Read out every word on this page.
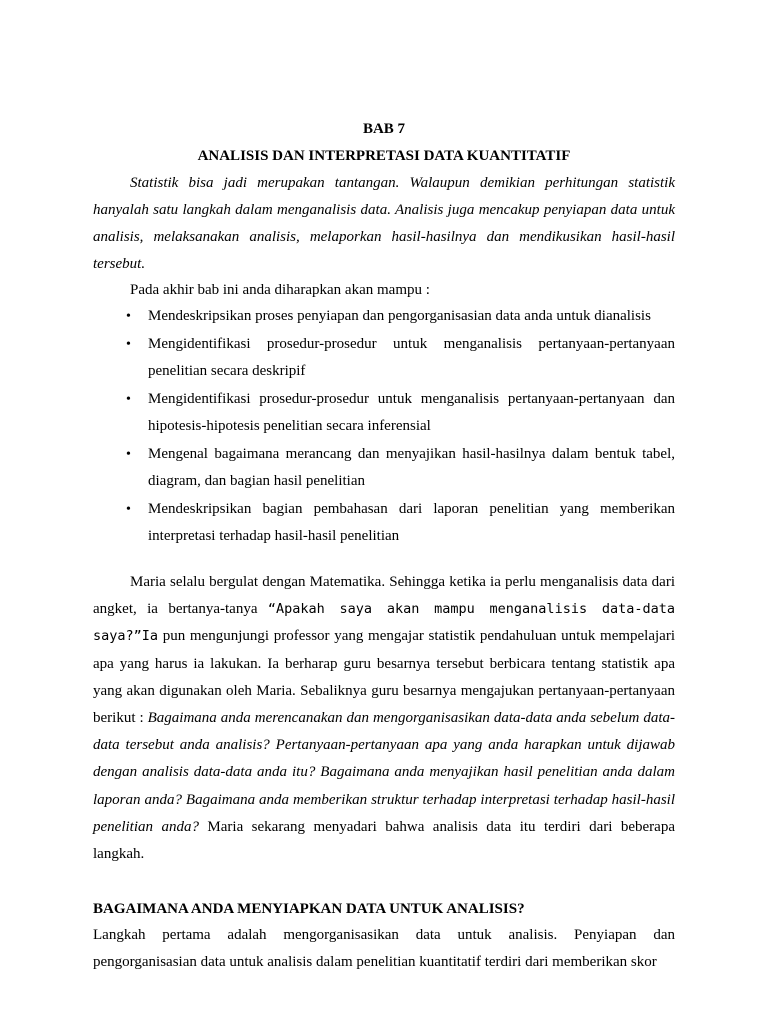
BAB 7
ANALISIS DAN INTERPRETASI DATA KUANTITATIF
Statistik bisa jadi merupakan tantangan. Walaupun demikian perhitungan statistik hanyalah satu langkah dalam menganalisis data. Analisis juga mencakup penyiapan data untuk analisis, melaksanakan analisis, melaporkan hasil-hasilnya dan mendikusikan hasil-hasil tersebut.
Pada akhir bab ini anda diharapkan akan mampu :
• Mendeskripsikan proses penyiapan dan pengorganisasian data anda untuk dianalisis
• Mengidentifikasi prosedur-prosedur untuk menganalisis pertanyaan-pertanyaan penelitian secara deskripif
• Mengidentifikasi prosedur-prosedur untuk menganalisis pertanyaan-pertanyaan dan hipotesis-hipotesis penelitian secara inferensial
• Mengenal bagaimana merancang dan menyajikan hasil-hasilnya dalam bentuk tabel, diagram, dan bagian hasil penelitian
• Mendeskripsikan bagian pembahasan dari laporan penelitian yang memberikan interpretasi terhadap hasil-hasil penelitian
Maria selalu bergulat dengan Matematika. Sehingga ketika ia perlu menganalisis data dari angket, ia bertanya-tanya “Apakah saya akan mampu menganalisis data-data saya?”Ia pun mengunjungi professor yang mengajar statistik pendahuluan untuk mempelajari apa yang harus ia lakukan. Ia berharap guru besarnya tersebut berbicara tentang statistik apa yang akan digunakan oleh Maria. Sebaliknya guru besarnya mengajukan pertanyaan-pertanyaan berikut : Bagaimana anda merencanakan dan mengorganisasikan data-data anda sebelum data-data tersebut anda analisis? Pertanyaan-pertanyaan apa yang anda harapkan untuk dijawab dengan analisis data-data anda itu? Bagaimana anda menyajikan hasil penelitian anda dalam laporan anda? Bagaimana anda memberikan struktur terhadap interpretasi terhadap hasil-hasil penelitian anda? Maria sekarang menyadari bahwa analisis data itu terdiri dari beberapa langkah.
BAGAIMANA ANDA MENYIAPKAN DATA UNTUK ANALISIS?
Langkah pertama adalah mengorganisasikan data untuk analisis. Penyiapan dan pengorganisasian data untuk analisis dalam penelitian kuantitatif terdiri dari memberikan skor
